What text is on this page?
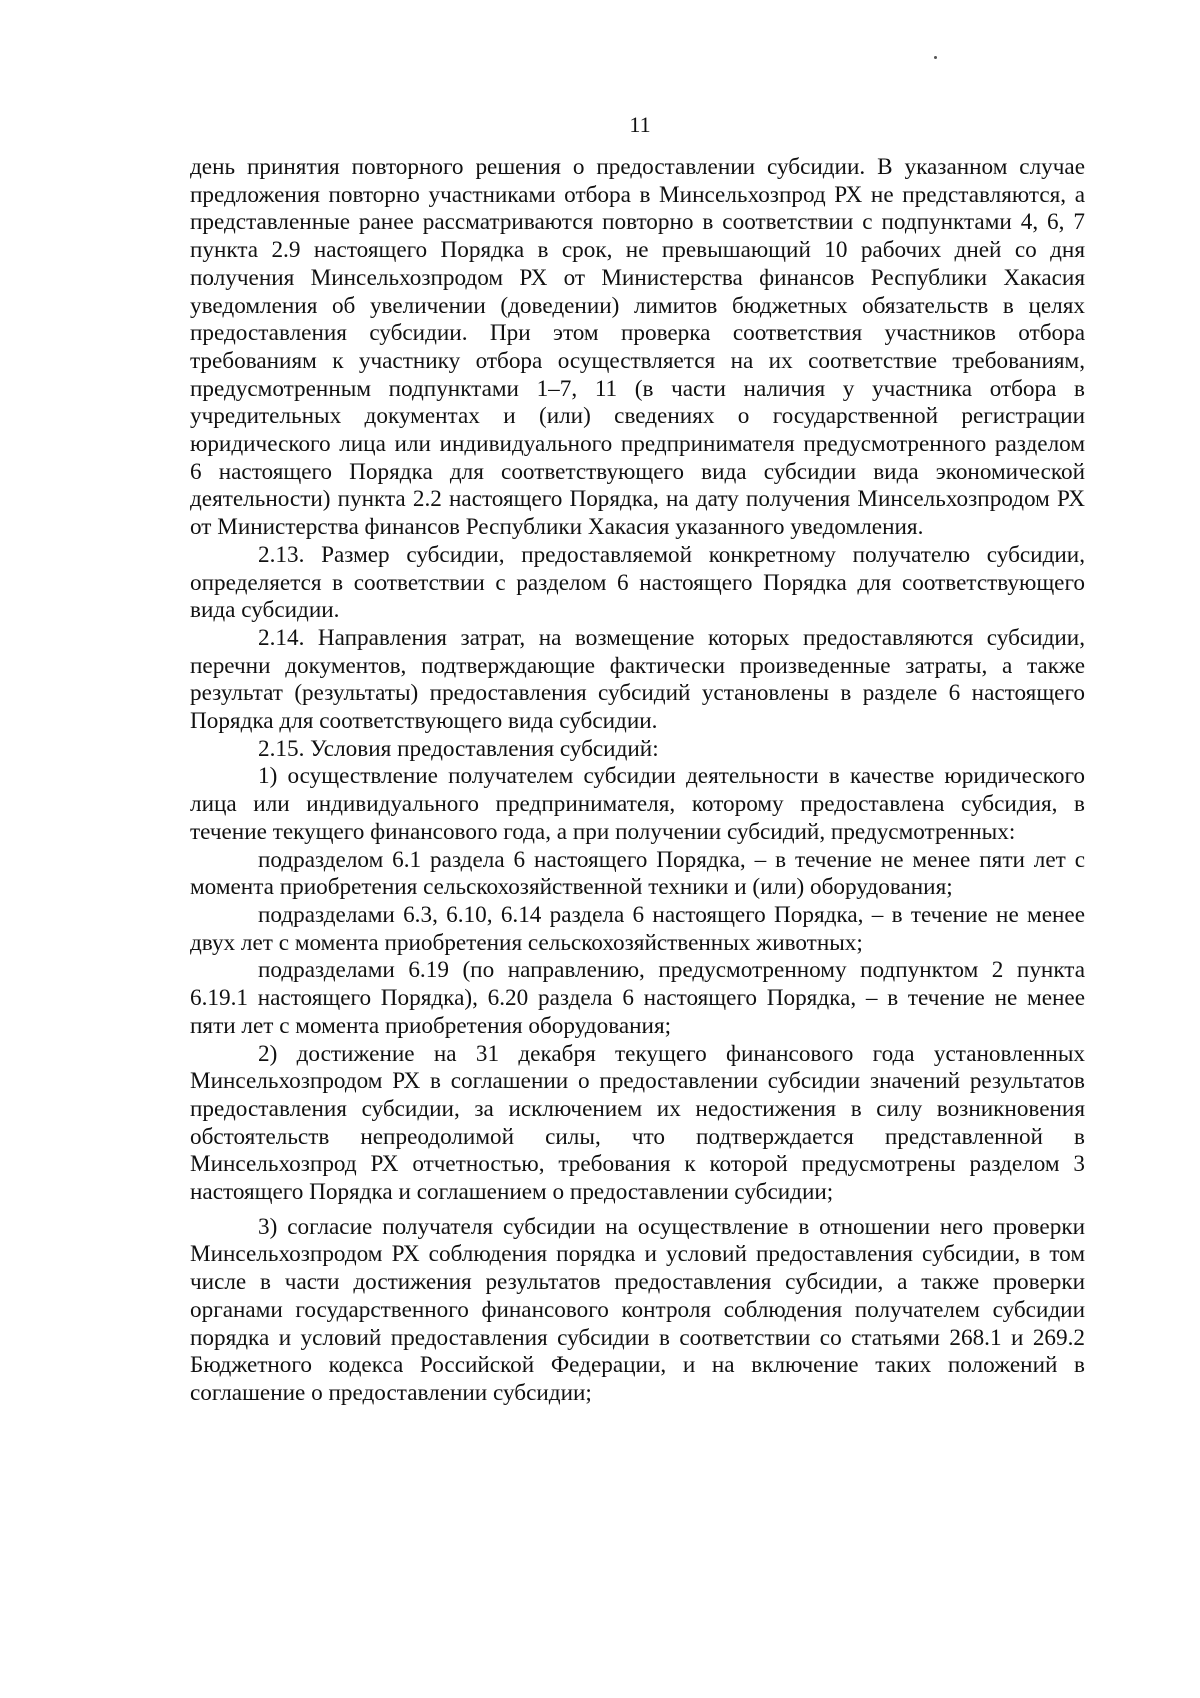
11

день принятия повторного решения о предоставлении субсидии. В указанном случае предложения повторно участниками отбора в Минсельхозпрод РХ не представляются, а представленные ранее рассматриваются повторно в соответствии с подпунктами 4, 6, 7 пункта 2.9 настоящего Порядка в срок, не превышающий 10 рабочих дней со дня получения Минсельхозпродом РХ от Министерства финансов Республики Хакасия уведомления об увеличении (доведении) лимитов бюджетных обязательств в целях предоставления субсидии. При этом проверка соответствия участников отбора требованиям к участнику отбора осуществляется на их соответствие требованиям, предусмотренным подпунктами 1–7, 11 (в части наличия у участника отбора в учредительных документах и (или) сведениях о государственной регистрации юридического лица или индивидуального предпринимателя предусмотренного разделом 6 настоящего Порядка для соответствующего вида субсидии вида экономической деятельности) пункта 2.2 настоящего Порядка, на дату получения Минсельхозпродом РХ от Министерства финансов Республики Хакасия указанного уведомления.

2.13. Размер субсидии, предоставляемой конкретному получателю субсидии, определяется в соответствии с разделом 6 настоящего Порядка для соответствующего вида субсидии.

2.14. Направления затрат, на возмещение которых предоставляются субсидии, перечни документов, подтверждающие фактически произведенные затраты, а также результат (результаты) предоставления субсидий установлены в разделе 6 настоящего Порядка для соответствующего вида субсидии.

2.15. Условия предоставления субсидий:

1) осуществление получателем субсидии деятельности в качестве юридического лица или индивидуального предпринимателя, которому предоставлена субсидия, в течение текущего финансового года, а при получении субсидий, предусмотренных:

подразделом 6.1 раздела 6 настоящего Порядка, – в течение не менее пяти лет с момента приобретения сельскохозяйственной техники и (или) оборудования;

подразделами 6.3, 6.10, 6.14 раздела 6 настоящего Порядка, – в течение не менее двух лет с момента приобретения сельскохозяйственных животных;

подразделами 6.19 (по направлению, предусмотренному подпунктом 2 пункта 6.19.1 настоящего Порядка), 6.20 раздела 6 настоящего Порядка, – в течение не менее пяти лет с момента приобретения оборудования;

2) достижение на 31 декабря текущего финансового года установленных Минсельхозпродом РХ в соглашении о предоставлении субсидии значений результатов предоставления субсидии, за исключением их недостижения в силу возникновения обстоятельств непреодолимой силы, что подтверждается представленной в Минсельхозпрод РХ отчетностью, требования к которой предусмотрены разделом 3 настоящего Порядка и соглашением о предоставлении субсидии;

3) согласие получателя субсидии на осуществление в отношении него проверки Минсельхозпродом РХ соблюдения порядка и условий предоставления субсидии, в том числе в части достижения результатов предоставления субсидии, а также проверки органами государственного финансового контроля соблюдения получателем субсидии порядка и условий предоставления субсидии в соответствии со статьями 268.1 и 269.2 Бюджетного кодекса Российской Федерации, и на включение таких положений в соглашение о предоставлении субсидии;
